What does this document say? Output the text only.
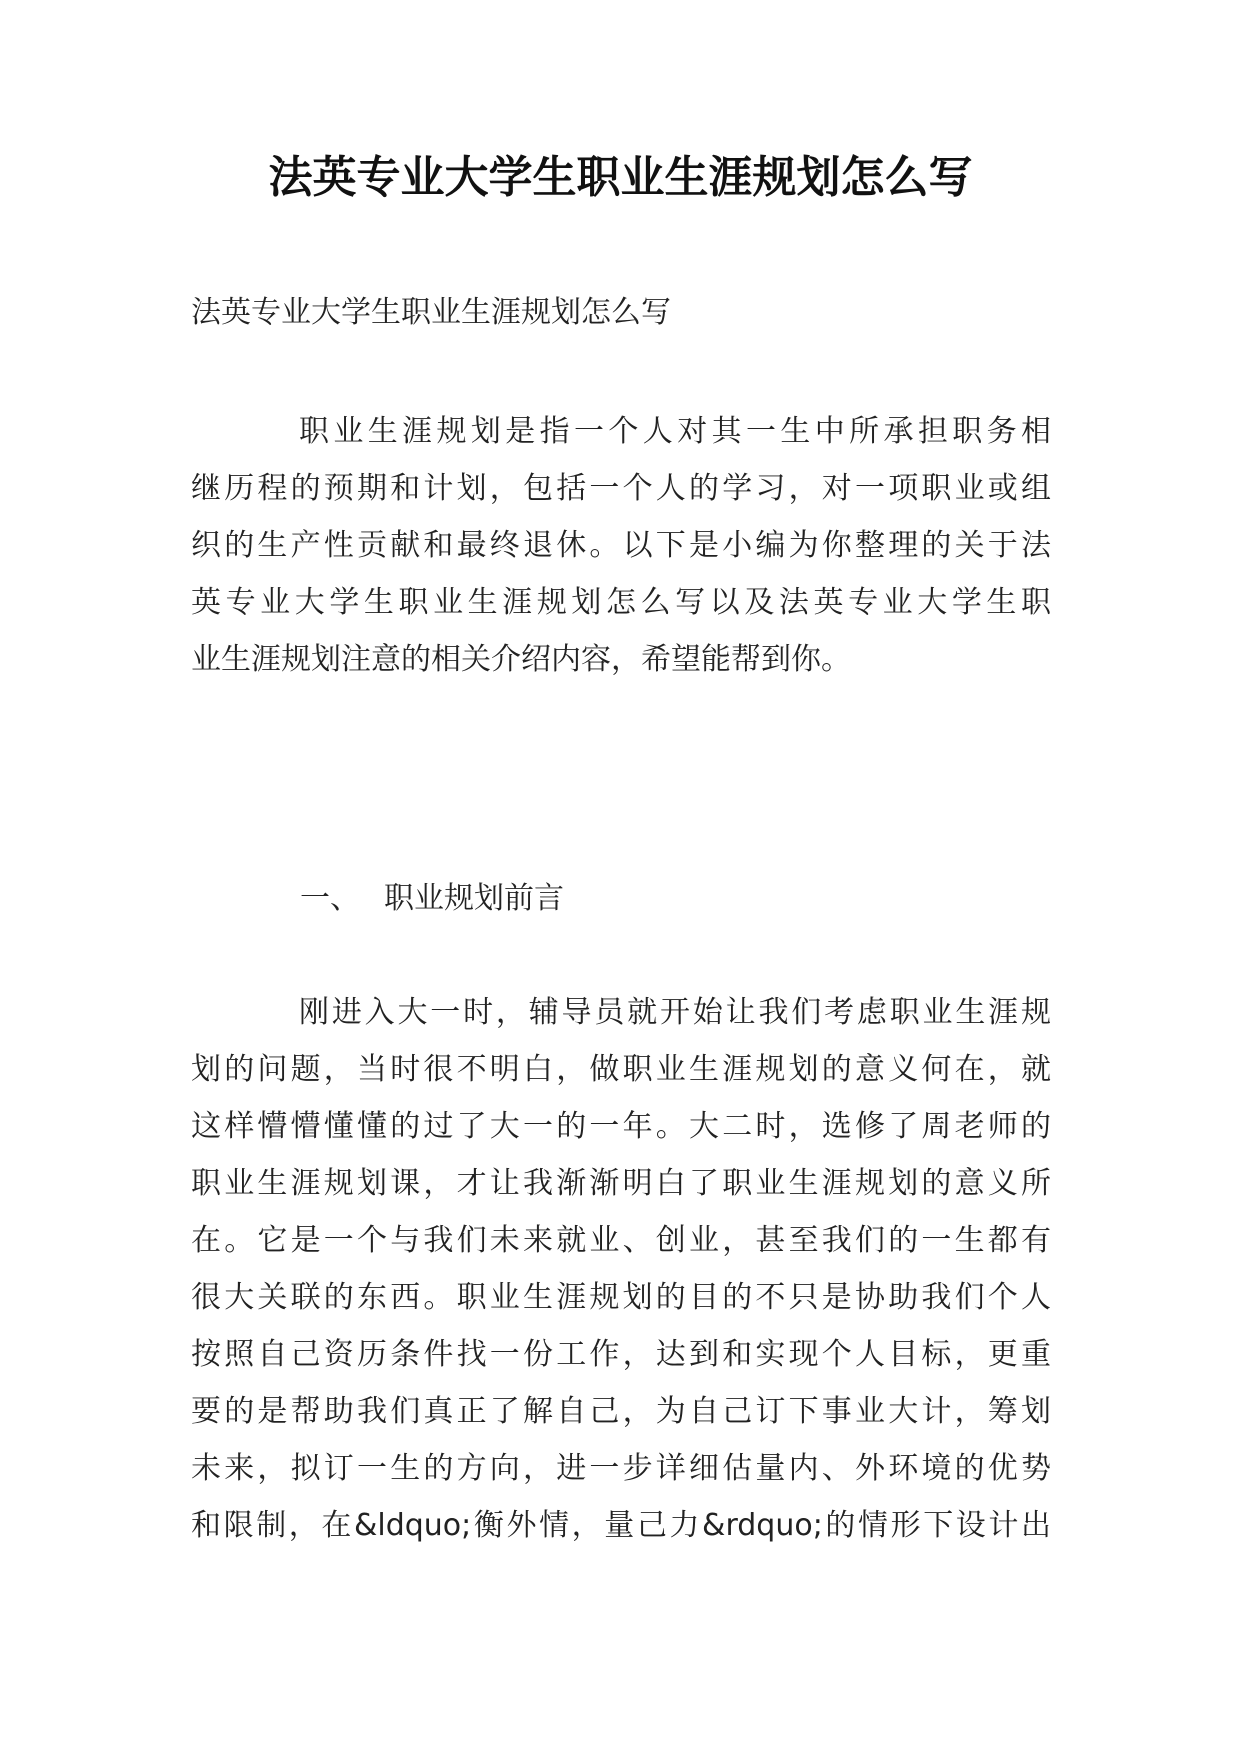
法英专业大学生职业生涯规划怎么写
法英专业大学生职业生涯规划怎么写
职业生涯规划是指一个人对其一生中所承担职务相
继历程的预期和计划，包括一个人的学习，对一项职业或组
织的生产性贡献和最终退休。以下是小编为你整理的关于法
英专业大学生职业生涯规划怎么写以及法英专业大学生职
业生涯规划注意的相关介绍内容，希望能帮到你。
一、 职业规划前言
刚进入大一时，辅导员就开始让我们考虑职业生涯规
划的问题，当时很不明白，做职业生涯规划的意义何在，就
这样懵懵懂懂的过了大一的一年。大二时，选修了周老师的
职业生涯规划课，才让我渐渐明白了职业生涯规划的意义所
在。它是一个与我们未来就业、创业，甚至我们的一生都有
很大关联的东西。职业生涯规划的目的不只是协助我们个人
按照自己资历条件找一份工作，达到和实现个人目标，更重
要的是帮助我们真正了解自己，为自己订下事业大计，筹划
未来，拟订一生的方向，进一步详细估量内、外环境的优势
和限制，在&ldquo;衡外情，量己力&rdquo;的情形下设计出
